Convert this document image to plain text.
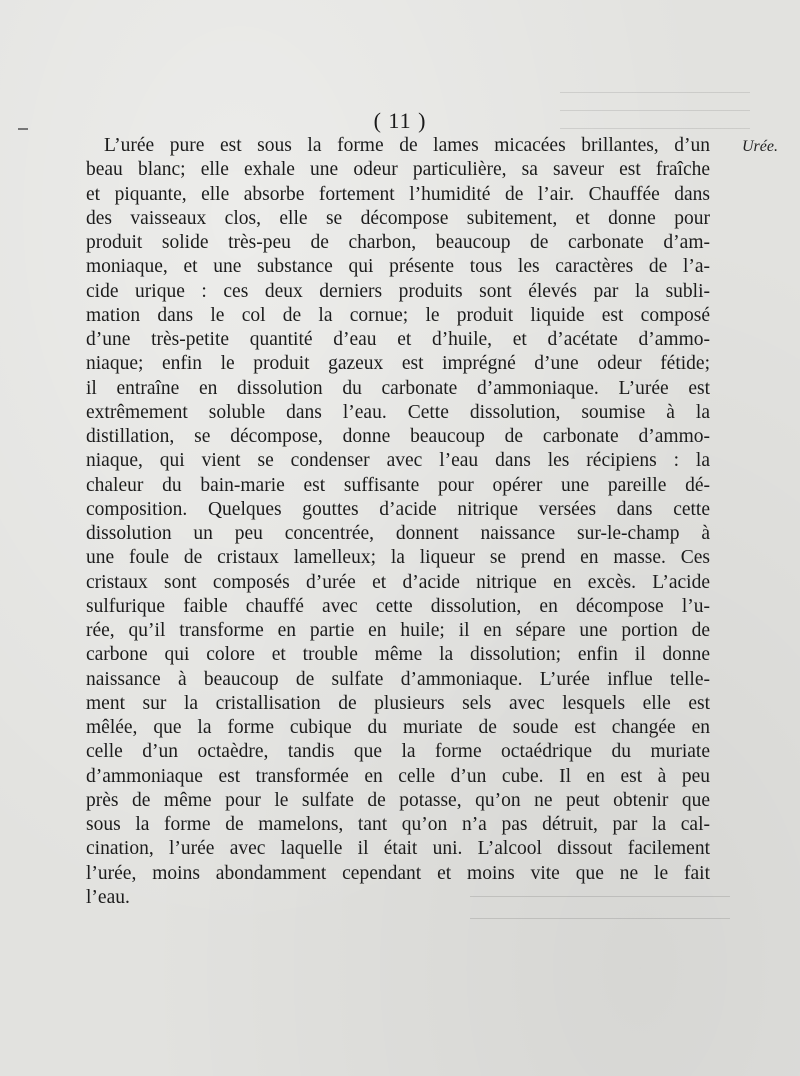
( 11 )
Urée.
L’urée pure est sous la forme de lames micacées brillantes, d’un
beau blanc; elle exhale une odeur particulière, sa saveur est fraîche
et piquante, elle absorbe fortement l’humidité de l’air. Chauffée dans
des vaisseaux clos, elle se décompose subitement, et donne pour
produit solide très-peu de charbon, beaucoup de carbonate d’am-
moniaque, et une substance qui présente tous les caractères de l’a-
cide urique : ces deux derniers produits sont élevés par la subli-
mation dans le col de la cornue; le produit liquide est composé
d’une très-petite quantité d’eau et d’huile, et d’acétate d’ammo-
niaque; enfin le produit gazeux est imprégné d’une odeur fétide;
il entraîne en dissolution du carbonate d’ammoniaque. L’urée est
extrêmement soluble dans l’eau. Cette dissolution, soumise à la
distillation, se décompose, donne beaucoup de carbonate d’ammo-
niaque, qui vient se condenser avec l’eau dans les récipiens : la
chaleur du bain-marie est suffisante pour opérer une pareille dé-
composition. Quelques gouttes d’acide nitrique versées dans cette
dissolution un peu concentrée, donnent naissance sur-le-champ à
une foule de cristaux lamelleux; la liqueur se prend en masse. Ces
cristaux sont composés d’urée et d’acide nitrique en excès. L’acide
sulfurique faible chauffé avec cette dissolution, en décompose l’u-
rée, qu’il transforme en partie en huile; il en sépare une portion de
carbone qui colore et trouble même la dissolution; enfin il donne
naissance à beaucoup de sulfate d’ammoniaque. L’urée influe telle-
ment sur la cristallisation de plusieurs sels avec lesquels elle est
mêlée, que la forme cubique du muriate de soude est changée en
celle d’un octaèdre, tandis que la forme octaédrique du muriate
d’ammoniaque est transformée en celle d’un cube. Il en est à peu
près de même pour le sulfate de potasse, qu’on ne peut obtenir que
sous la forme de mamelons, tant qu’on n’a pas détruit, par la cal-
cination, l’urée avec laquelle il était uni. L’alcool dissout facilement
l’urée, moins abondamment cependant et moins vite que ne le fait
l’eau.
